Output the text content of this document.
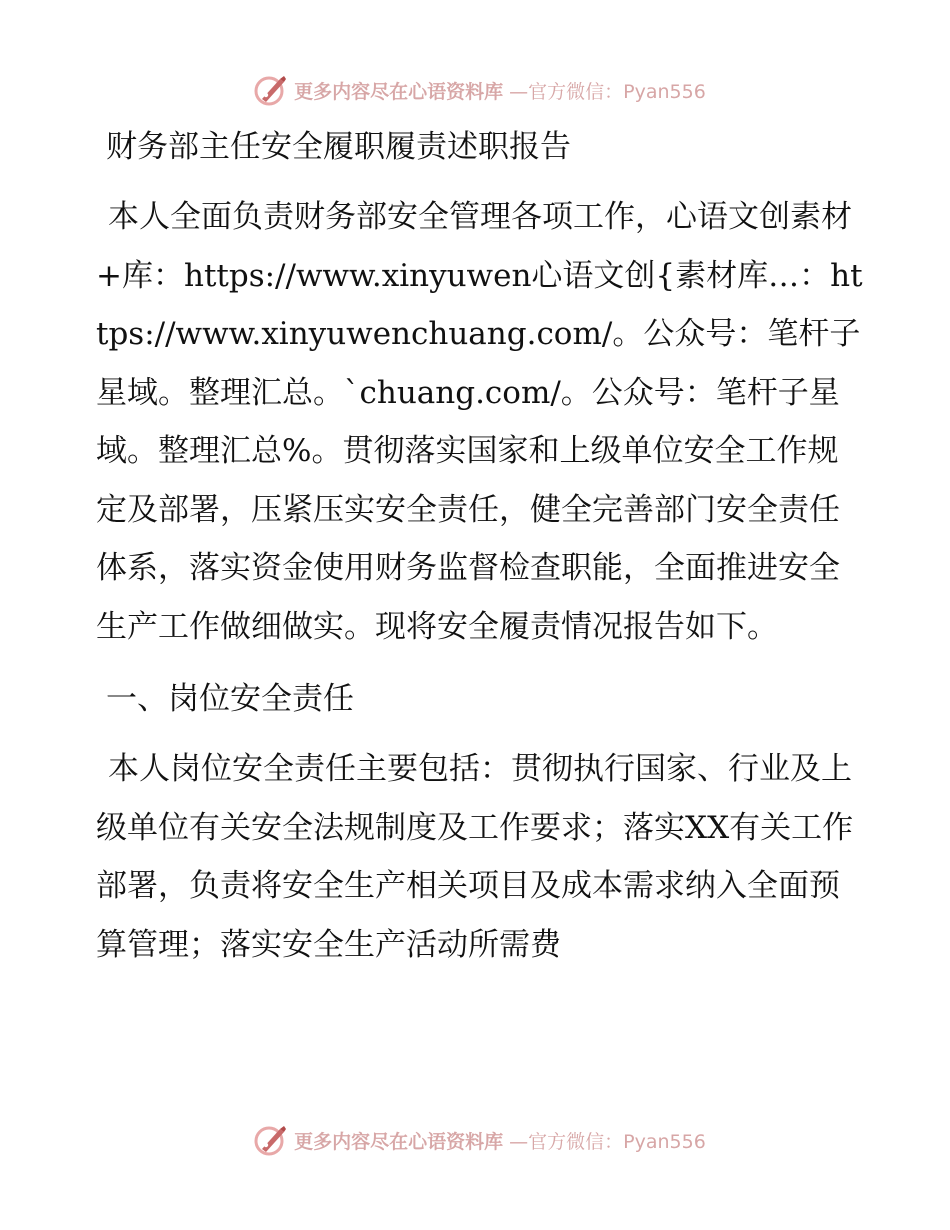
更多内容尽在心语资料库 —官方微信：Pyan556

财务部主任安全履职履责述职报告

本人全面负责财务部安全管理各项工作，心语文创素材+库：https://www.xinyuwen心语文创{素材库…：https://www.xinyuwenchuang.com/。公众号：笔杆子星域。整理汇总。`chuang.com/。公众号：笔杆子星域。整理汇总%。贯彻落实国家和上级单位安全工作规定及部署，压紧压实安全责任，健全完善部门安全责任体系，落实资金使用财务监督检查职能，全面推进安全生产工作做细做实。现将安全履责情况报告如下。

一、岗位安全责任

本人岗位安全责任主要包括：贯彻执行国家、行业及上级单位有关安全法规制度及工作要求；落实XX有关工作部署，负责将安全生产相关项目及成本需求纳入全面预算管理；落实安全生产活动所需费

更多内容尽在心语资料库 —官方微信：Pyan556
